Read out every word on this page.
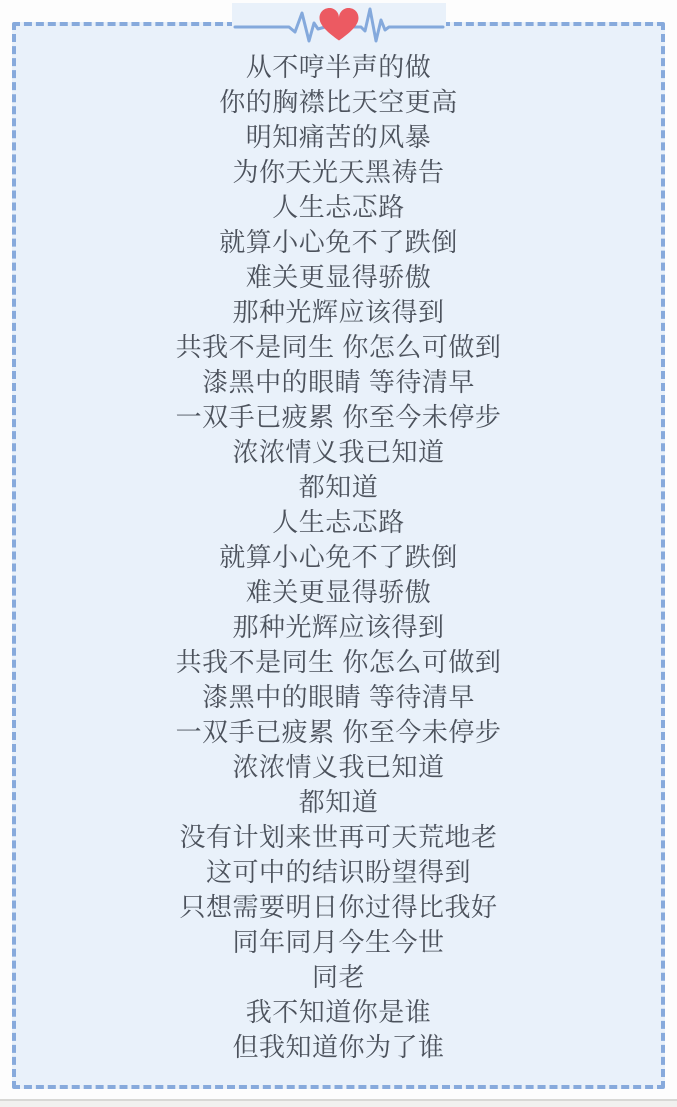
从不哼半声的做
你的胸襟比天空更高
明知痛苦的风暴
为你天光天黑祷告
人生忐忑路
就算小心免不了跌倒
难关更显得骄傲
那种光辉应该得到
共我不是同生 你怎么可做到
漆黑中的眼睛 等待清早
一双手已疲累 你至今未停步
浓浓情义我已知道
都知道
人生忐忑路
就算小心免不了跌倒
难关更显得骄傲
那种光辉应该得到
共我不是同生 你怎么可做到
漆黑中的眼睛 等待清早
一双手已疲累 你至今未停步
浓浓情义我已知道
都知道
没有计划来世再可天荒地老
这可中的结识盼望得到
只想需要明日你过得比我好
同年同月今生今世
同老
我不知道你是谁
但我知道你为了谁
